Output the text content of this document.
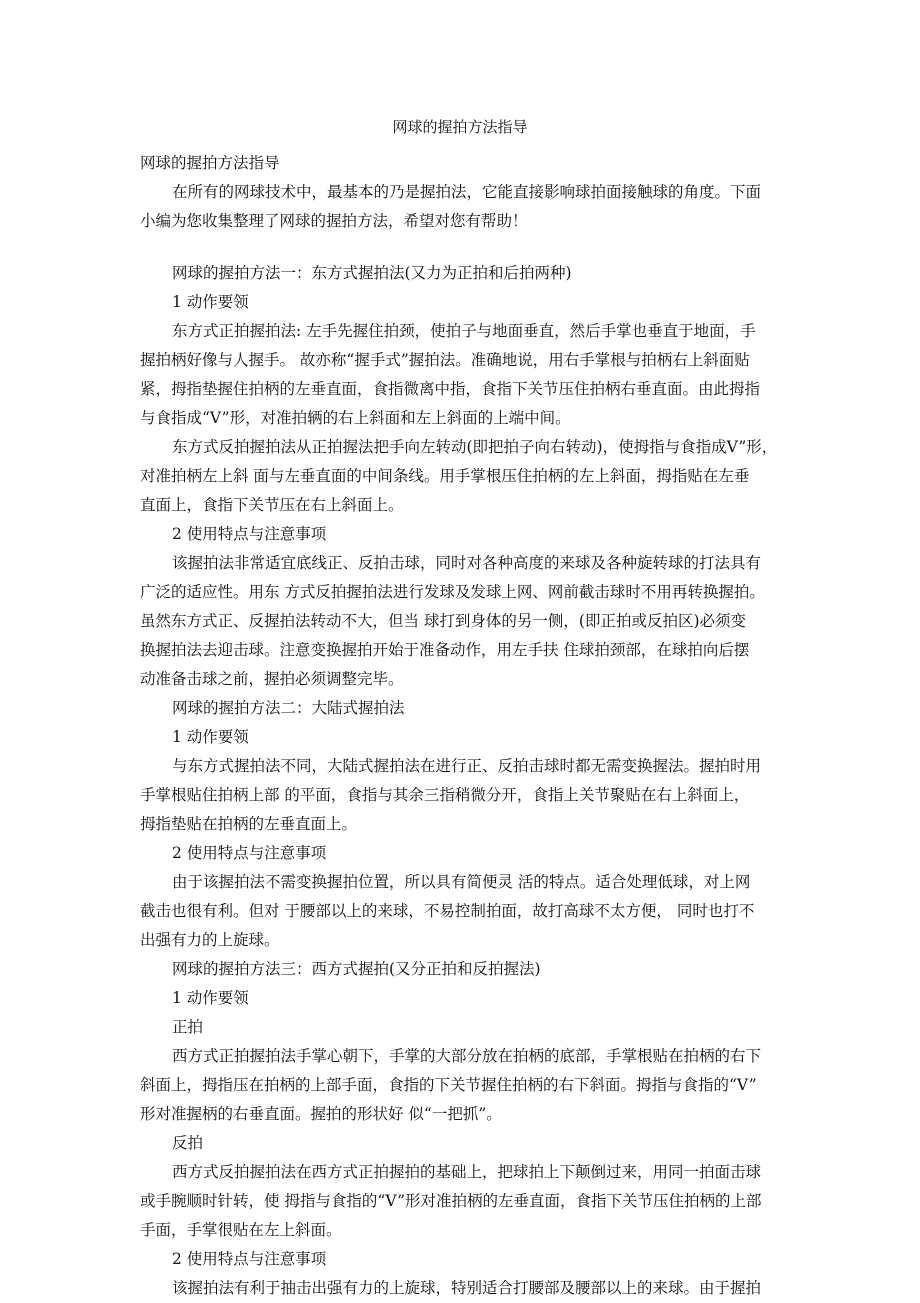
网球的握拍方法指导
网球的握拍方法指导
在所有的网球技术中，最基本的乃是握拍法，它能直接影响球拍面接触球的角度。下面
小编为您收集整理了网球的握拍方法，希望对您有帮助！
网球的握拍方法一：东方式握拍法(又力为正拍和后拍两种)
1 动作要领
东方式正拍握拍法: 左手先握住拍颈，使拍子与地面垂直，然后手掌也垂直于地面，手
握拍柄好像与人握手。 故亦称“握手式”握拍法。准确地说，用右手掌根与拍柄右上斜面贴
紧，拇指垫握住拍柄的左垂直面，食指微离中指，食指下关节压住拍柄右垂直面。由此拇指
与食指成“V”形，对准拍辆的右上斜面和左上斜面的上端中间。
东方式反拍握拍法从正拍握法把手向左转动(即把拍子向右转动)，使拇指与食指成V”形，
对准拍柄左上斜 面与左垂直面的中间条线。用手掌根压住拍柄的左上斜面，拇指贴在左垂
直面上，食指下关节压在右上斜面上。
2 使用特点与注意事项
该握拍法非常适宜底线正、反拍击球，同时对各种高度的来球及各种旋转球的打法具有
广泛的适应性。用东 方式反拍握拍法进行发球及发球上网、网前截击球时不用再转换握拍。
虽然东方式正、反握拍法转动不大，但当 球打到身体的另一侧，(即正拍或反拍区)必须变
换握拍法去迎击球。注意变换握拍开始于准备动作，用左手扶 住球拍颈部，在球拍向后摆
动准备击球之前，握拍必须调整完毕。
网球的握拍方法二：大陆式握拍法
1 动作要领
与东方式握拍法不同，大陆式握拍法在进行正、反拍击球时都无需变换握法。握拍时用
手掌根贴住拍柄上部 的平面，食指与其余三指稍微分开，食指上关节聚贴在右上斜面上，
拇指垫贴在拍柄的左垂直面上。
2 使用特点与注意事项
由于该握拍法不需变换握拍位置，所以具有简便灵 活的特点。适合处理低球，对上网
截击也很有利。但对 于腰部以上的来球，不易控制拍面，故打高球不太方便， 同时也打不
出强有力的上旋球。
网球的握拍方法三：西方式握拍(又分正拍和反拍握法)
1 动作要领
正拍
西方式正拍握拍法手掌心朝下，手掌的大部分放在拍柄的底部，手掌根贴在拍柄的右下
斜面上，拇指压在拍柄的上部手面，食指的下关节握住拍柄的右下斜面。拇指与食指的“V”
形对准握柄的右垂直面。握拍的形状好 似“一把抓”。
反拍
西方式反拍握拍法在西方式正拍握拍的基础上，把球拍上下颠倒过来，用同一拍面击球
或手腕顺时针转，使 拇指与食指的“V”形对准拍柄的左垂直面，食指下关节压住拍柄的上部
手面，手掌很贴在左上斜面。
2 使用特点与注意事项
该握拍法有利于抽击出强有力的上旋球，特别适合打腰部及腰部以上的来球。由于握拍
